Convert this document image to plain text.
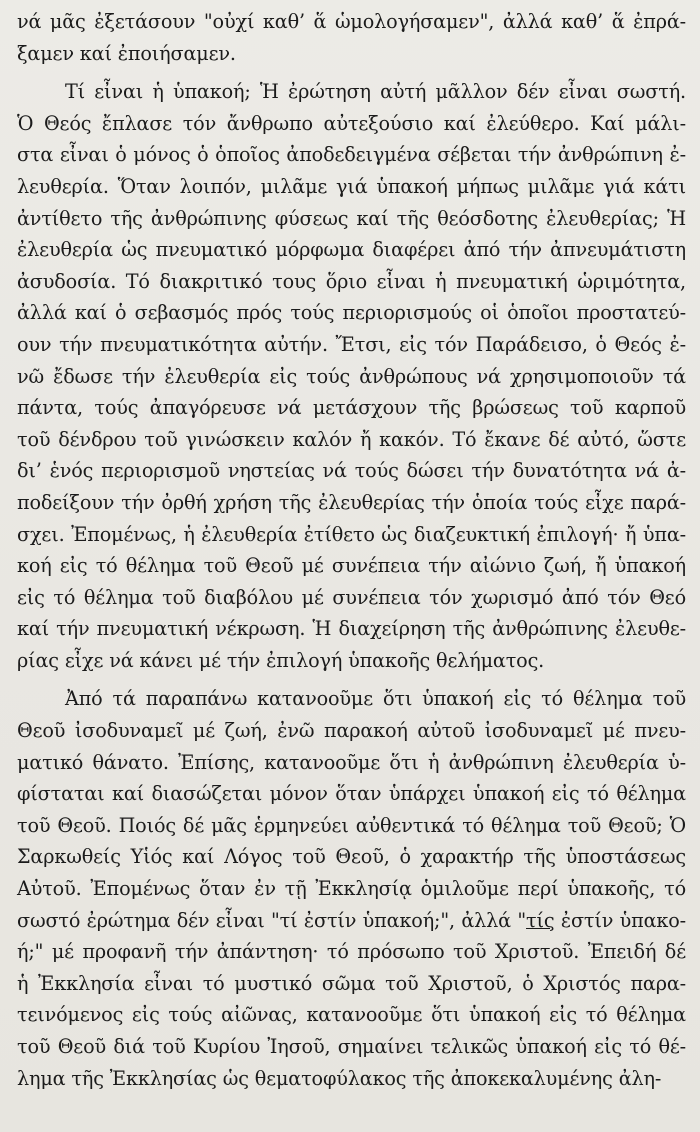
νά μᾶς ἐξετάσουν "οὐχί καθ’ ἅ ὡμολογήσαμεν", ἀλλά καθ’ ἅ ἐπρά-
ξαμεν καί ἐποιήσαμεν.
Τί εἶναι ἡ ὑπακοή; Ἡ ἐρώτηση αὐτή μᾶλλον δέν εἶναι σωστή.
Ὁ Θεός ἔπλασε τόν ἄνθρωπο αὐτεξούσιο καί ἐλεύθερο. Καί μάλι-
στα εἶναι ὁ μόνος ὁ ὁποῖος ἀποδεδειγμένα σέβεται τήν ἀνθρώπινη ἐ-
λευθερία. Ὅταν λοιπόν, μιλᾶμε γιά ὑπακοή μήπως μιλᾶμε γιά κάτι
ἀντίθετο τῆς ἀνθρώπινης φύσεως καί τῆς θεόσδοτης ἐλευθερίας; Ἡ
ἐλευθερία ὡς πνευματικό μόρφωμα διαφέρει ἀπό τήν ἀπνευμάτιστη
ἀσυδοσία. Τό διακριτικό τους ὅριο εἶναι ἡ πνευματική ὡριμότητα,
ἀλλά καί ὁ σεβασμός πρός τούς περιορισμούς οἱ ὁποῖοι προστατεύ-
ουν τήν πνευματικότητα αὐτήν. Ἔτσι, εἰς τόν Παράδεισο, ὁ Θεός ἐ-
νῶ ἔδωσε τήν ἐλευθερία εἰς τούς ἀνθρώπους νά χρησιμοποιοῦν τά
πάντα, τούς ἀπαγόρευσε νά μετάσχουν τῆς βρώσεως τοῦ καρποῦ
τοῦ δένδρου τοῦ γινώσκειν καλόν ἤ κακόν. Τό ἔκανε δέ αὐτό, ὥστε
δι’ ἑνός περιορισμοῦ νηστείας νά τούς δώσει τήν δυνατότητα νά ἀ-
ποδείξουν τήν ὀρθή χρήση τῆς ἐλευθερίας τήν ὁποία τούς εἶχε παρά-
σχει. Ἐπομένως, ἡ ἐλευθερία ἐτίθετο ὡς διαζευκτική ἐπιλογή· ἤ ὑπα-
κοή εἰς τό θέλημα τοῦ Θεοῦ μέ συνέπεια τήν αἰώνιο ζωή, ἤ ὑπακοή
εἰς τό θέλημα τοῦ διαβόλου μέ συνέπεια τόν χωρισμό ἀπό τόν Θεό
καί τήν πνευματική νέκρωση. Ἡ διαχείρηση τῆς ἀνθρώπινης ἐλευθε-
ρίας εἶχε νά κάνει μέ τήν ἐπιλογή ὑπακοῆς θελήματος.
Ἀπό τά παραπάνω κατανοοῦμε ὅτι ὑπακοή εἰς τό θέλημα τοῦ
Θεοῦ ἰσοδυναμεῖ μέ ζωή, ἐνῶ παρακοή αὐτοῦ ἰσοδυναμεῖ μέ πνευ-
ματικό θάνατο. Ἐπίσης, κατανοοῦμε ὅτι ἡ ἀνθρώπινη ἐλευθερία ὑ-
φίσταται καί διασώζεται μόνον ὅταν ὑπάρχει ὑπακοή εἰς τό θέλημα
τοῦ Θεοῦ. Ποιός δέ μᾶς ἑρμηνεύει αὐθεντικά τό θέλημα τοῦ Θεοῦ; Ὁ
Σαρκωθείς Υἱός καί Λόγος τοῦ Θεοῦ, ὁ χαρακτήρ τῆς ὑποστάσεως
Αὐτοῦ. Ἐπομένως ὅταν ἐν τῇ Ἐκκλησίᾳ ὁμιλοῦμε περί ὑπακοῆς, τό
σωστό ἐρώτημα δέν εἶναι "τί ἐστίν ὑπακοή;", ἀλλά "τίς ἐστίν ὑπακο-
ή;" μέ προφανῆ τήν ἀπάντηση· τό πρόσωπο τοῦ Χριστοῦ. Ἐπειδή δέ
ἡ Ἐκκλησία εἶναι τό μυστικό σῶμα τοῦ Χριστοῦ, ὁ Χριστός παρα-
τεινόμενος εἰς τούς αἰῶνας, κατανοοῦμε ὅτι ὑπακοή εἰς τό θέλημα
τοῦ Θεοῦ διά τοῦ Κυρίου Ἰησοῦ, σημαίνει τελικῶς ὑπακοή εἰς τό θέ-
λημα τῆς Ἐκκλησίας ὡς θεματοφύλακος τῆς ἀποκεκαλυμένης ἀλη-
